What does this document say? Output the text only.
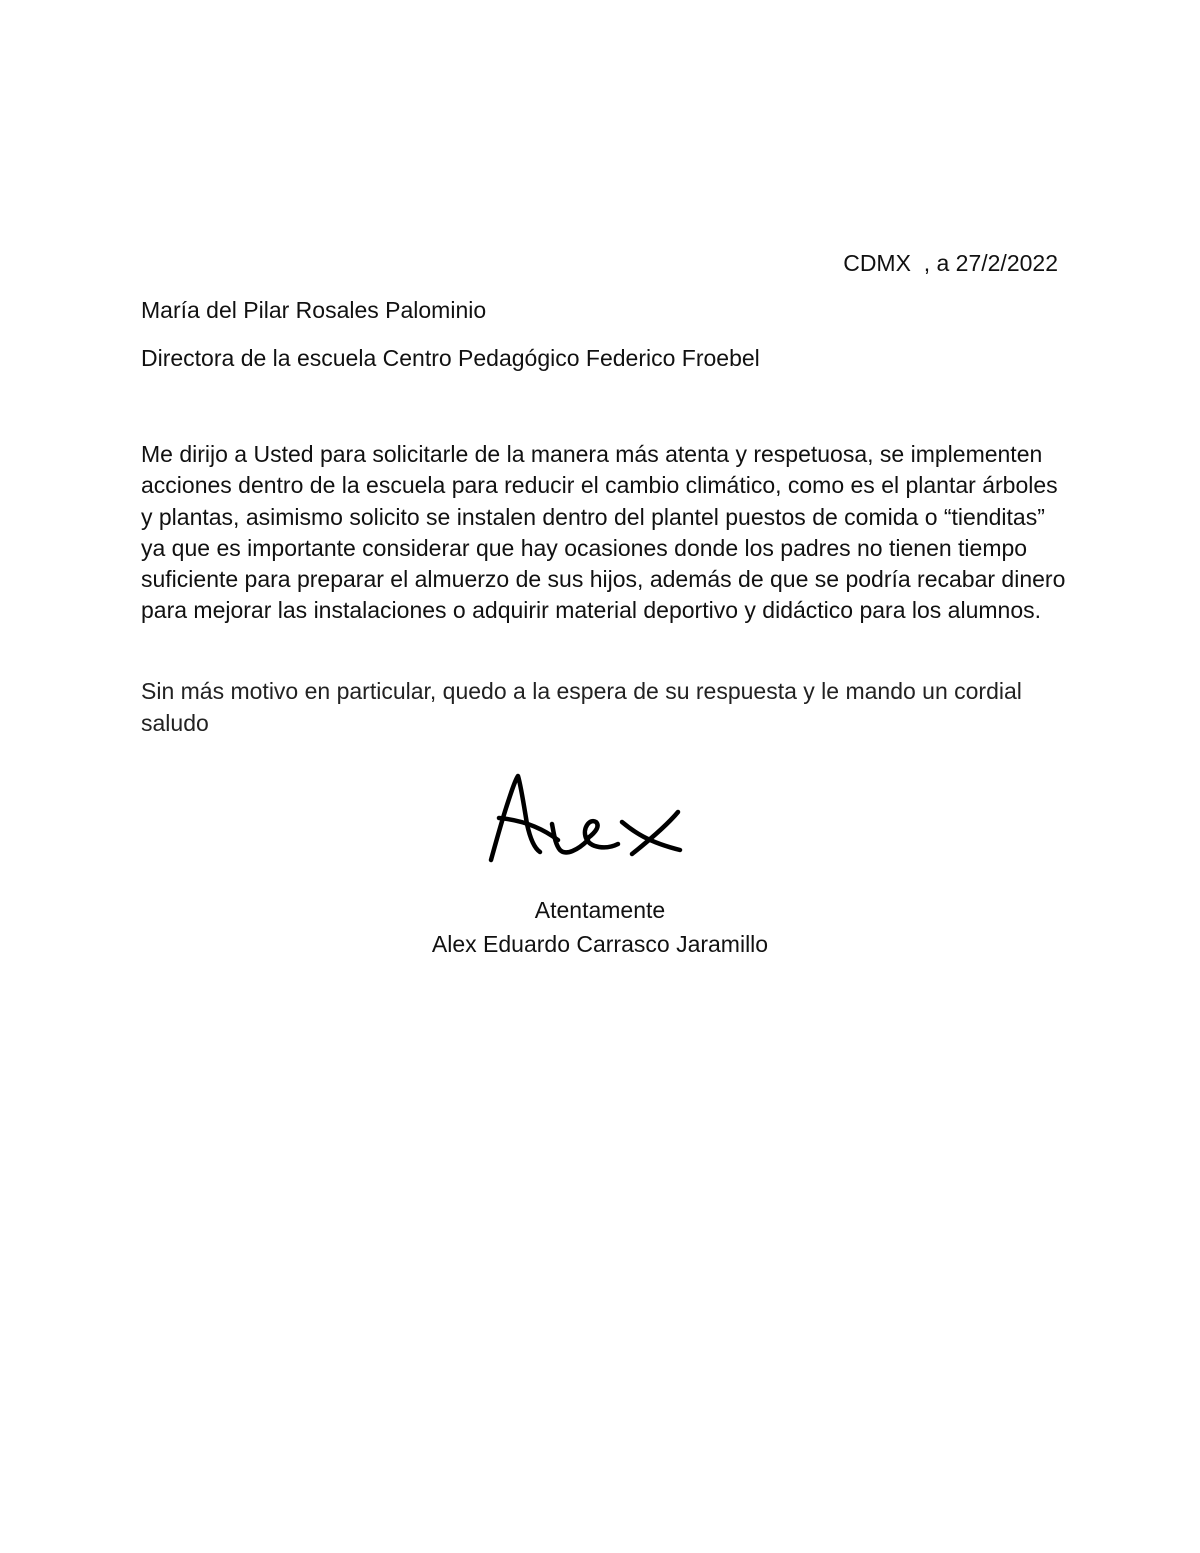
CDMX  , a 27/2/2022
María del Pilar Rosales Palominio
Directora de la escuela Centro Pedagógico Federico Froebel

Me dirijo a Usted para solicitarle de la manera más atenta y respetuosa, se implementen acciones dentro de la escuela para reducir el cambio climático, como es el plantar árboles y plantas, asimismo solicito se instalen dentro del plantel puestos de comida o “tienditas” ya que es importante considerar que hay ocasiones donde los padres no tienen tiempo suficiente para preparar el almuerzo de sus hijos, además de que se podría recabar dinero para mejorar las instalaciones o adquirir material deportivo y didáctico para los alumnos.

Sin más motivo en particular, quedo a la espera de su respuesta y le mando un cordial saludo

Atentamente
Alex Eduardo Carrasco Jaramillo
